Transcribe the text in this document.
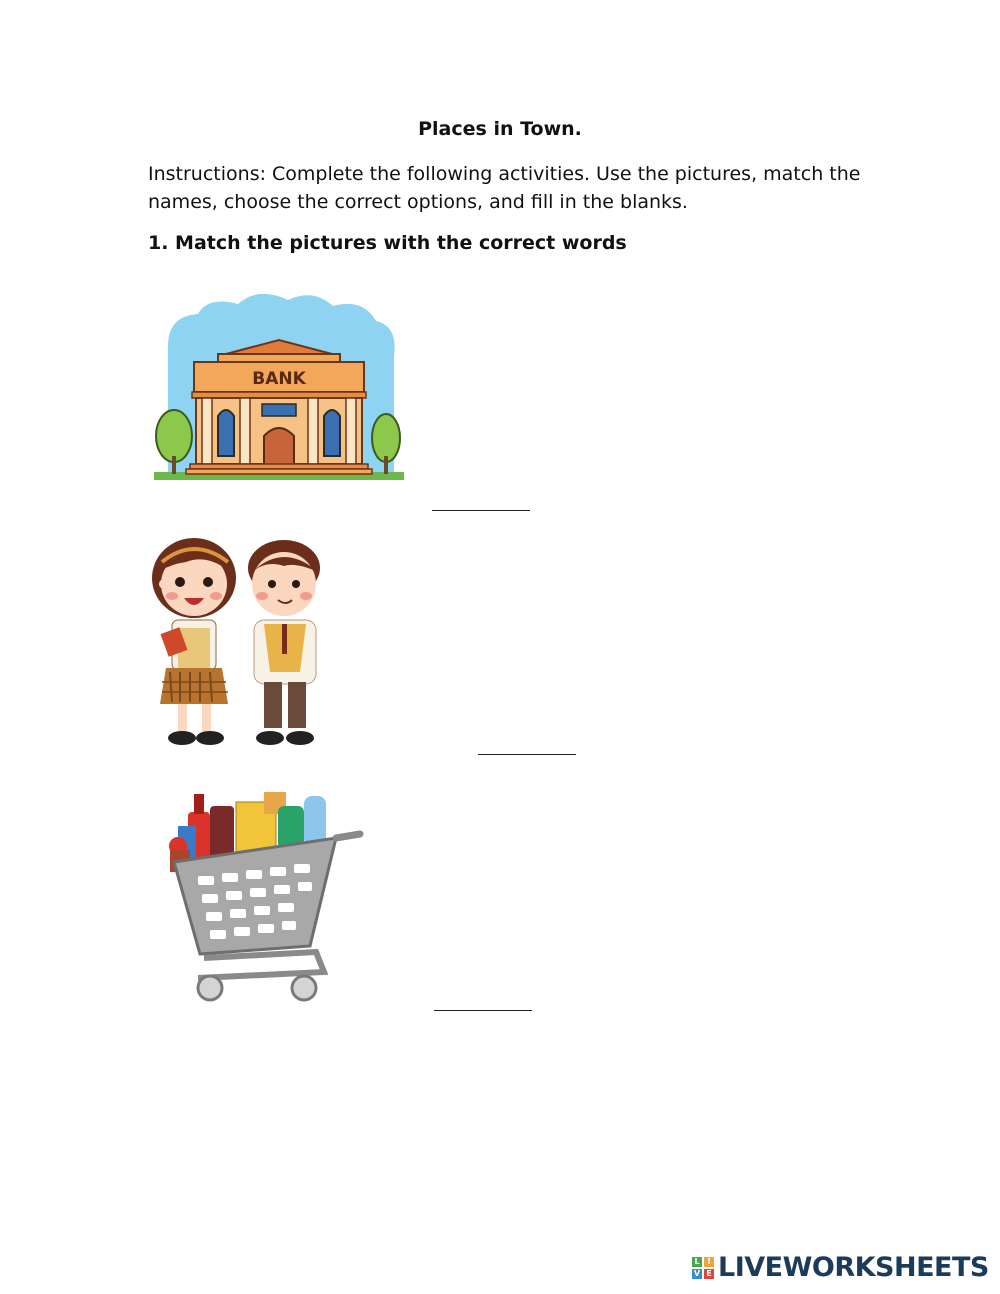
Places in Town.
Instructions: Complete the following activities. Use the pictures, match the names, choose the correct options, and fill in the blanks.
1. Match the pictures with the correct words
BANK
L I
V E LIVEWORKSHEETS
